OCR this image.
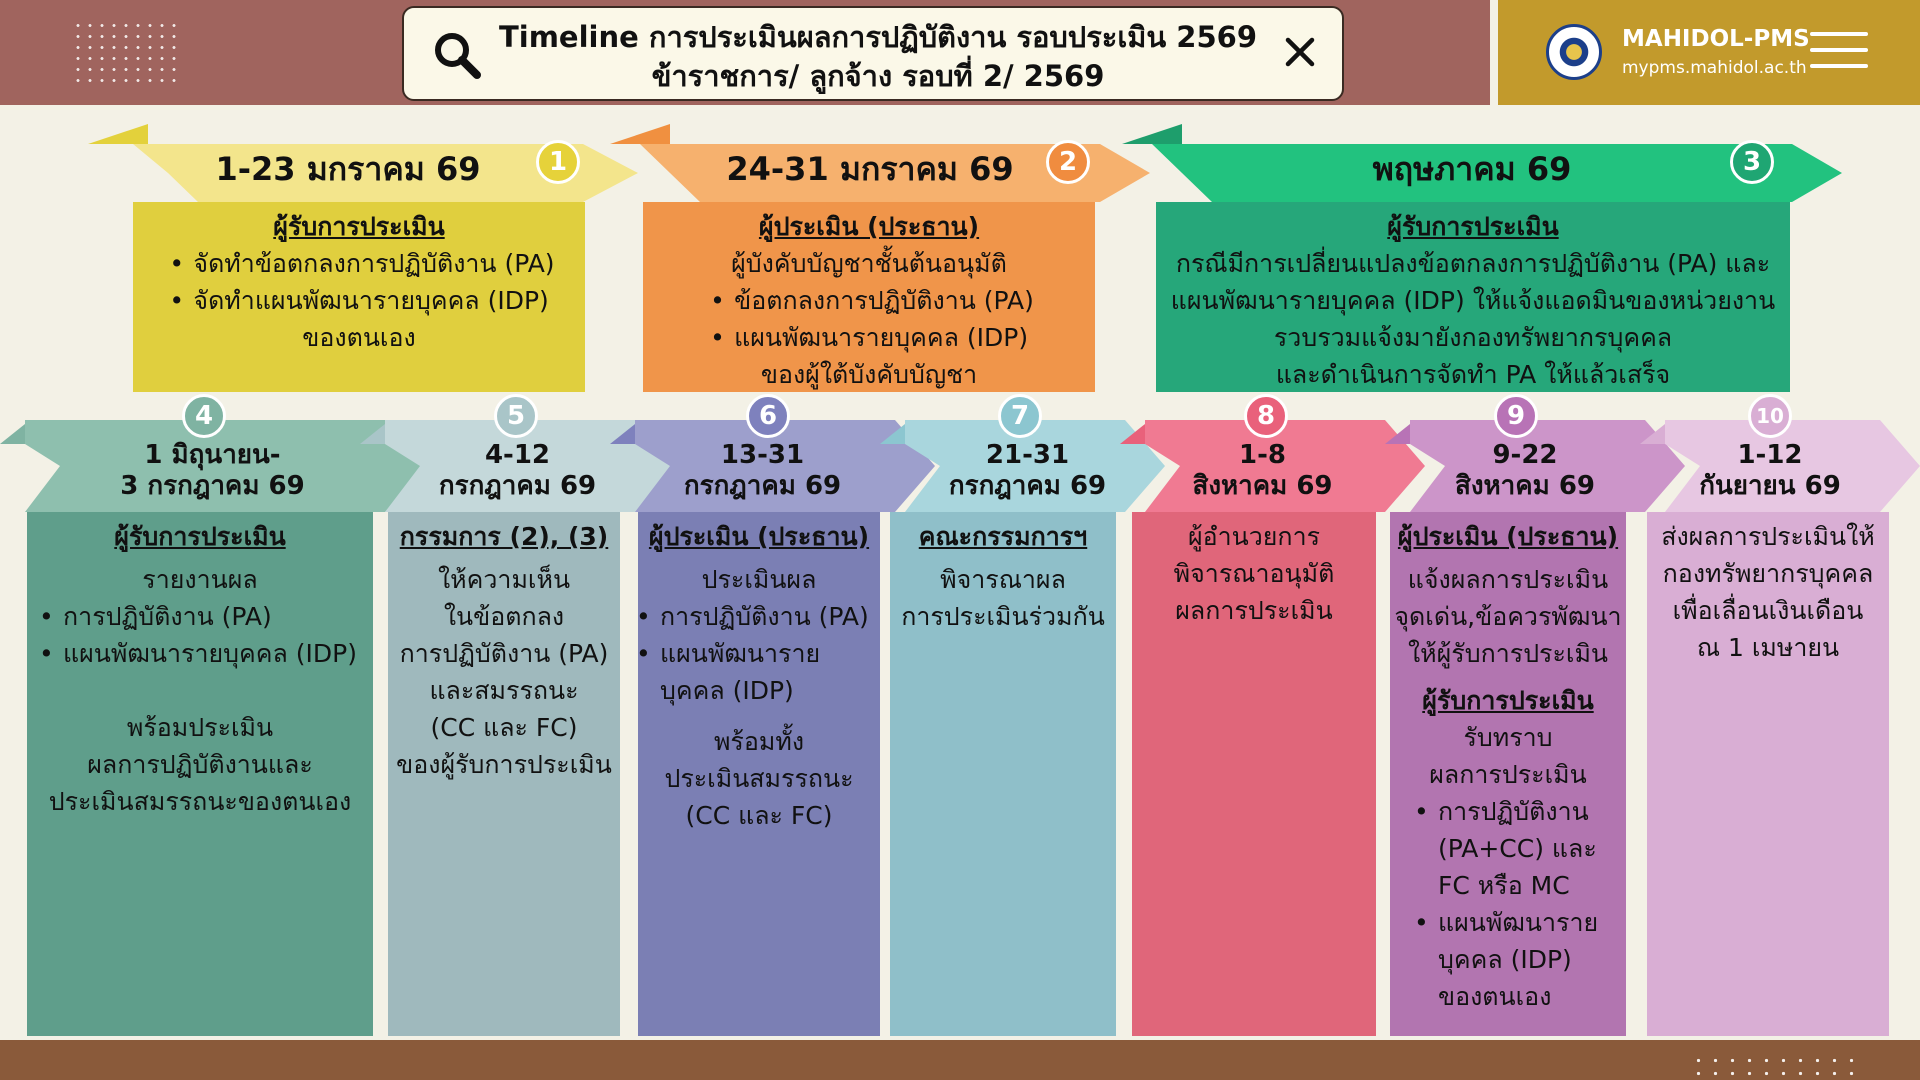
Timeline การประเมินผลการปฏิบัติงาน รอบประเมิน 2569
ข้าราชการ/ ลูกจ้าง รอบที่ 2/ 2569
MAHIDOL-PMS
mypms.mahidol.ac.th
1-23 มกราคม 69	1
ผู้รับการประเมิน
• จัดทำข้อตกลงการปฏิบัติงาน (PA)
• จัดทำแผนพัฒนารายบุคคล (IDP)
ของตนเอง
24-31 มกราคม 69	2
ผู้ประเมิน (ประธาน)
ผู้บังคับบัญชาชั้นต้นอนุมัติ
• ข้อตกลงการปฏิบัติงาน (PA)
• แผนพัฒนารายบุคคล (IDP)
ของผู้ใต้บังคับบัญชา
พฤษภาคม 69	3
ผู้รับการประเมิน
กรณีมีการเปลี่ยนแปลงข้อตกลงการปฏิบัติงาน (PA) และ
แผนพัฒนารายบุคคล (IDP) ให้แจ้งแอดมินของหน่วยงาน
รวบรวมแจ้งมายังกองทรัพยากรบุคคล
และดำเนินการจัดทำ PA ให้แล้วเสร็จ
1 มิถุนายน-
3 กรกฎาคม 69
4
ผู้รับการประเมิน
รายงานผล
• การปฏิบัติงาน (PA)
• แผนพัฒนารายบุคคล (IDP)
พร้อมประเมิน
ผลการปฏิบัติงานและ
ประเมินสมรรถนะของตนเอง
4-12
กรกฎาคม 69
5
กรรมการ (2), (3)
ให้ความเห็น
ในข้อตกลง
การปฏิบัติงาน (PA)
และสมรรถนะ
(CC และ FC)
ของผู้รับการประเมิน
13-31
กรกฎาคม 69
6
ผู้ประเมิน (ประธาน)
ประเมินผล
• การปฏิบัติงาน (PA)
• แผนพัฒนาราย บุคคล (IDP)
พร้อมทั้ง
ประเมินสมรรถนะ
(CC และ FC)
21-31
กรกฎาคม 69
7
คณะกรรมการฯ
พิจารณาผล
การประเมินร่วมกัน
1-8
สิงหาคม 69
8
ผู้อำนวยการ
พิจารณาอนุมัติ
ผลการประเมิน
9-22
สิงหาคม 69
9
ผู้ประเมิน (ประธาน)
แจ้งผลการประเมิน
จุดเด่น,ข้อควรพัฒนา
ให้ผู้รับการประเมิน
ผู้รับการประเมิน
รับทราบ
ผลการประเมิน
• การปฏิบัติงาน (PA+CC) และ FC หรือ MC
• แผนพัฒนาราย บุคคล (IDP) ของตนเอง
1-12
กันยายน 69
10
ส่งผลการประเมินให้
กองทรัพยากรบุคคล
เพื่อเลื่อนเงินเดือน
ณ 1 เมษายน
